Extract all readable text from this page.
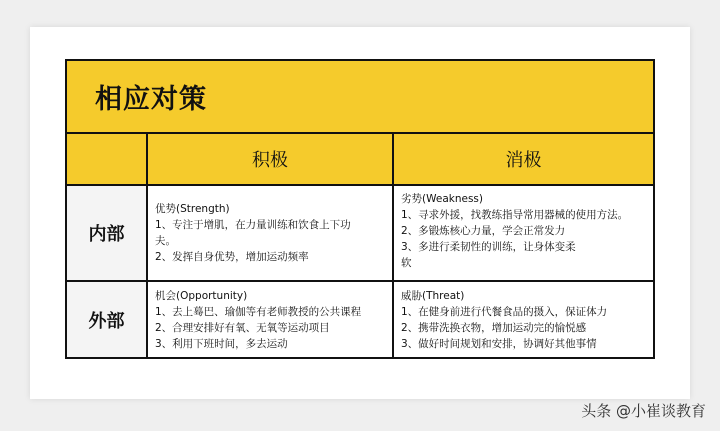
相应对策
积极	消极
内部
优势(Strength)
1、专注于增肌，在力量训练和饮食上下功
夫。
2、发挥自身优势，增加运动频率
劣势(Weakness)
1、寻求外援，找教练指导常用器械的使用方法。
2、多锻炼核心力量，学会正常发力
3、多进行柔韧性的训练，让身体变柔
软
外部
机会(Opportunity)
1、去上蓦巴、瑜伽等有老师教授的公共课程
2、合理安排好有氧、无氧等运动项目
3、利用下班时间，多去运动
威胁(Threat)
1、在健身前进行代餐食品的摄入，保证体力
2、携带洗换衣物，增加运动完的愉悦感
3、做好时间规划和安排，协调好其他事情
头条 @小崔谈教育
